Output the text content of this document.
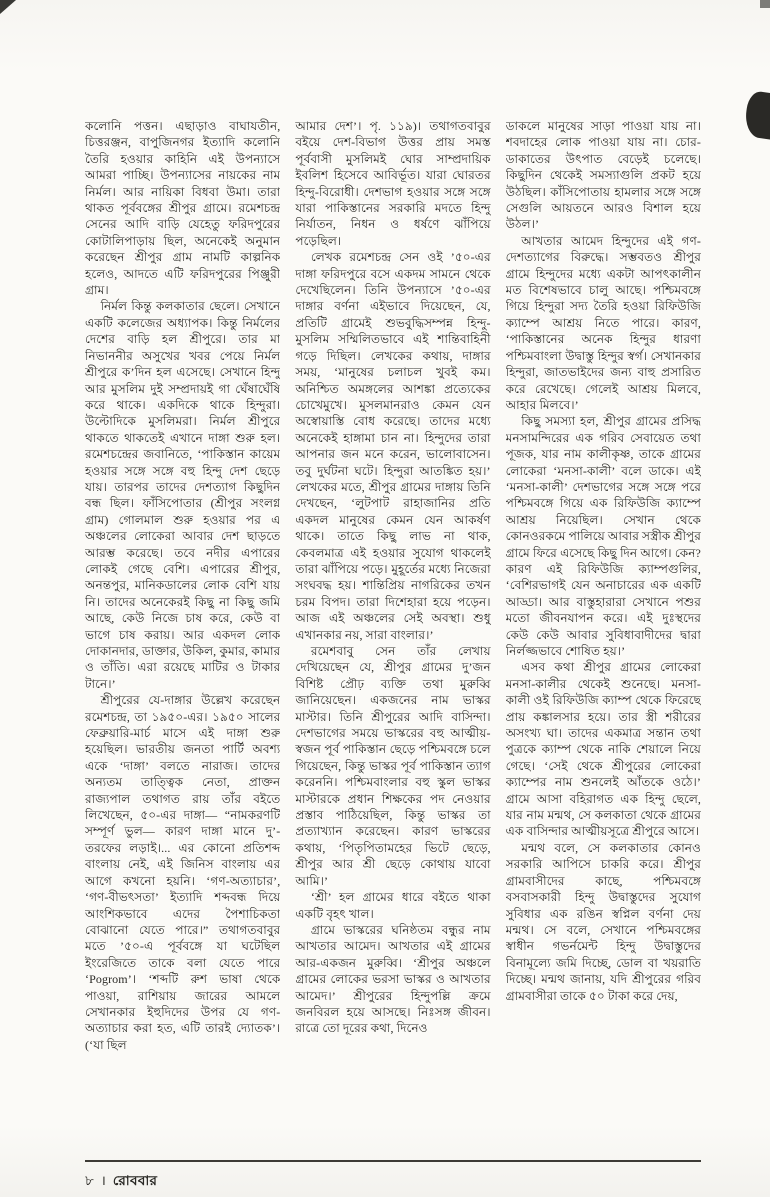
কলোনি পত্তন। এছাড়াও বাঘাযতীন, চিত্তরঞ্জন, বাপুজিনগর ইত্যাদি কলোনি তৈরি হওয়ার কাহিনি এই উপন্যাসে আমরা পাচ্ছি। উপন্যাসের নায়কের নাম নির্মল। আর নায়িকা বিধবা উমা। তারা থাকত পূর্ববঙ্গের শ্রীপুর গ্রামে। রমেশচন্দ্র সেনের আদি বাড়ি যেহেতু ফরিদপুরের কোটালিপাড়ায় ছিল, অনেকেই অনুমান করেছেন শ্রীপুর গ্রাম নামটি কাল্পনিক হলেও, আদতে এটি ফরিদপুরের পিঞ্জুরী গ্রাম।

নির্মল কিন্তু কলকাতার ছেলে। সেখানে একটি কলেজের অধ্যাপক। কিন্তু নির্মলের দেশের বাড়ি হল শ্রীপুরে। তার মা নিভাননীর অসুখের খবর পেয়ে নির্মল শ্রীপুরে ক’দিন হল এসেছে। সেখানে হিন্দু আর মুসলিম দুই সম্প্রদায়ই গা ঘেঁষাঘেঁষি করে থাকে। একদিকে থাকে হিন্দুরা। উল্টোদিকে মুসলিমরা। নির্মল শ্রীপুরে থাকতে থাকতেই এখানে দাঙ্গা শুরু হল। রমেশচন্দ্রের জবানিতে, ‘পাকিস্তান কায়েম হওয়ার সঙ্গে সঙ্গে বহু হিন্দু দেশ ছেড়ে যায়। তারপর তাদের দেশত্যাগ কিছুদিন বন্ধ ছিল। ফাঁসিপোতার (শ্রীপুর সংলগ্ন গ্রাম) গোলমাল শুরু হওয়ার পর এ অঞ্চলের লোকেরা আবার দেশ ছাড়তে আরম্ভ করেছে। তবে নদীর এপারের লোকই গেছে বেশি। এপারের শ্রীপুর, অনন্তপুর, মানিকডালের লোক বেশি যায় নি। তাদের অনেকেরই কিছু না কিছু জমি আছে, কেউ নিজে চাষ করে, কেউ বা ভাগে চাষ করায়। আর একদল লোক দোকানদার, ডাক্তার, উকিল, কুমার, কামার ও তাঁতি। এরা রয়েছে মাটির ও টাকার টানে।’

শ্রীপুরের যে-দাঙ্গার উল্লেখ করেছেন রমেশচন্দ্র, তা ১৯৫০-এর। ১৯৫০ সালের ফেব্রুয়ারি-মার্চ মাসে এই দাঙ্গা শুরু হয়েছিল। ভারতীয় জনতা পার্টি অবশ্য একে ‘দাঙ্গা’ বলতে নারাজ। তাদের অন্যতম তাত্ত্বিক নেতা, প্রাক্তন রাজ্যপাল তথাগত রায় তাঁর বইতে লিখেছেন, ৫০-এর দাঙ্গা— “নামকরণটি সম্পূর্ণ ভুল— কারণ দাঙ্গা মানে দু’-তরফের লড়াই।... এর কোনো প্রতিশব্দ বাংলায় নেই, এই জিনিস বাংলায় এর আগে কখনো হয়নি। ‘গণ-অত্যাচার’, ‘গণ-বীভৎসতা’ ইত্যাদি শব্দবন্ধ দিয়ে আংশিকভাবে এদের পৈশাচিকতা বোঝানো যেতে পারে।” তথাগতবাবুর মতে ’৫০-এ পূর্ববঙ্গে যা ঘটেছিল ইংরেজিতে তাকে বলা যেতে পারে ‘Pogrom’। ‘শব্দটি রুশ ভাষা থেকে পাওয়া, রাশিয়ায় জারের আমলে সেখানকার ইহুদিদের উপর যে গণ-অত্যাচার করা হত, এটি তারই দ্যোতক’। (‘যা ছিল

আমার দেশ’। পৃ. ১১৯)। তথাগতবাবুর বইয়ে দেশ-বিভাগ উত্তর প্রায় সমস্ত পূর্ববাসী মুসলিমই ঘোর সাম্প্রদায়িক ইবলিশ হিসেবে আবির্ভূত। যারা ঘোরতর হিন্দু-বিরোধী। দেশভাগ হওয়ার সঙ্গে সঙ্গে যারা পাকিস্তানের সরকারি মদতে হিন্দু নির্যাতন, নিধন ও ধর্ষণে ঝাঁপিয়ে পড়েছিল।

লেখক রমেশচন্দ্র সেন ওই ’৫০-এর দাঙ্গা ফরিদপুরে বসে একদম সামনে থেকে দেখেছিলেন। তিনি উপন্যাসে ’৫০-এর দাঙ্গার বর্ণনা এইভাবে দিয়েছেন, যে, প্রতিটি গ্রামেই শুভবুদ্ধিসম্পন্ন হিন্দু-মুসলিম সম্মিলিতভাবে এই শান্তিবাহিনী গড়ে দিছিল। লেখকের কথায়, দাঙ্গার সময়, ‘মানুষের চলাচল খুবই কম। অনিশ্চিত অমঙ্গলের আশঙ্কা প্রত্যেকের চোখেমুখে। মুসলমানরাও কেমন যেন অস্বোয়াস্তি বোধ করেছে। তাদের মধ্যে অনেকেই হাঙ্গামা চান না। হিন্দুদের তারা আপনার জন মনে করেন, ভালোবাসেন। তবু দুর্ঘটনা ঘটে। হিন্দুরা আতঙ্কিত হয়।’ লেখকের মতে, শ্রীপুর গ্রামের দাঙ্গায় তিনি দেখছেন, ‘লুটপাট রাহাজানির প্রতি একদল মানুষের কেমন যেন আকর্ষণ থাকে। তাতে কিছু লাভ না থাক, কেবলমাত্র এই হওয়ার সুযোগ থাকলেই তারা ঝাঁপিয়ে পড়ে। মুহূর্তের মধ্যে নিজেরা সংঘবদ্ধ হয়। শান্তিপ্রিয় নাগরিকের তখন চরম বিপদ। তারা দিশেহারা হয়ে পড়েন। আজ এই অঞ্চলের সেই অবস্থা। শুধু এখানকার নয়, সারা বাংলার।’

রমেশবাবু সেন তাঁর লেখায় দেখিয়েছেন যে, শ্রীপুর গ্রামের দু’জন বিশিষ্ট প্রৌঢ় ব্যক্তি তথা মুরুব্বি জানিয়েছেন। একজনের নাম ভাস্কর মাস্টার। তিনি শ্রীপুরের আদি বাসিন্দা। দেশভাগের সময়ে ভাস্করের বহু আত্মীয়-স্বজন পূর্ব পাকিস্তান ছেড়ে পশ্চিমবঙ্গে চলে গিয়েছেন, কিন্তু ভাস্কর পূর্ব পাকিস্তান ত্যাগ করেননি। পশ্চিমবাংলার বহু স্কুল ভাস্কর মাস্টারকে প্রধান শিক্ষকের পদ নেওয়ার প্রস্তাব পাঠিয়েছিল, কিন্তু ভাস্কর তা প্রত্যাখ্যান করেছেন। কারণ ভাস্করের কথায়, ‘পিতৃপিতামহের ভিটে ছেড়ে, শ্রীপুর আর শ্রী ছেড়ে কোথায় যাবো আমি।’

‘শ্রী’ হল গ্রামের ধারে বইতে থাকা একটি বৃহৎ খাল।

গ্রামে ভাস্করের ঘনিষ্ঠতম বন্ধুর নাম আখতার আমেদ। আখতার এই গ্রামের আর-একজন মুরুব্বি। ‘শ্রীপুর অঞ্চলে গ্রামের লোকের ভরসা ভাস্কর ও আখতার আমেদ।’ শ্রীপুরের হিন্দুপল্লি ক্রমে জনবিরল হয়ে আসছে। নিঃসঙ্গ জীবন। রাত্রে তো দূরের কথা, দিনেও

ডাকলে মানুষের সাড়া পাওয়া যায় না। শবদাহের লোক পাওয়া যায় না। চোর-ডাকাতের উৎপাত বেড়েই চলেছে। কিছুদিন থেকেই সমস্যাগুলি প্রকট হয়ে উঠছিল। কাঁসিপোতায় হামলার সঙ্গে সঙ্গে সেগুলি আয়তনে আরও বিশাল হয়ে উঠল।’

আখতার আমেদ হিন্দুদের এই গণ-দেশত্যাগের বিরুদ্ধে। সম্ভবতও শ্রীপুর গ্রামে হিন্দুদের মধ্যে একটা আপৎকালীন মত বিশেষভাবে চালু আছে। পশ্চিমবঙ্গে গিয়ে হিন্দুরা সদ্য তৈরি হওয়া রিফিউজি ক্যাম্পে আশ্রয় নিতে পারে। কারণ, ‘পাকিস্তানের অনেক হিন্দুর ধারণা পশ্চিমবাংলা উদ্বাস্তু হিন্দুর স্বর্গ। সেখানকার হিন্দুরা, জাতভাইদের জন্য বাহু প্রসারিত করে রেখেছে। গেলেই আশ্রয় মিলবে, আহার মিলবে।’

কিছু সমস্যা হল, শ্রীপুর গ্রামের প্রসিদ্ধ মনসামন্দিরের এক গরিব সেবায়েত তথা পূজক, যার নাম কালীকৃষ্ণ, তাকে গ্রামের লোকেরা ‘মনসা-কালী’ বলে ডাকে। এই ‘মনসা-কালী’ দেশভাগের সঙ্গে সঙ্গে পরে পশ্চিমবঙ্গে গিয়ে এক রিফিউজি ক্যাম্পে আশ্রয় নিয়েছিল। সেখান থেকে কোনওরকমে পালিয়ে আবার সস্ত্রীক শ্রীপুর গ্রামে ফিরে এসেছে কিছু দিন আগে। কেন? কারণ এই রিফিউজি ক্যাম্পগুলির, ‘বেশিরভাগই যেন অনাচারের এক একটি আড্ডা। আর বাস্তুহারারা সেখানে পশুর মতো জীবনযাপন করে। এই দুঃস্থদের কেউ কেউ আবার সুবিধাবাদীদের দ্বারা নির্লজ্জভাবে শোষিত হয়।’

এসব কথা শ্রীপুর গ্রামের লোকেরা মনসা-কালীর থেকেই শুনেছে। মনসা-কালী ওই রিফিউজি ক্যাম্প থেকে ফিরেছে প্রায় কঙ্কালসার হয়ে। তার স্ত্রী শরীরের অসংখ্য ঘা। তাদের একমাত্র সন্তান তথা পুত্রকে ক্যাম্প থেকে নাকি শেয়ালে নিয়ে গেছে। ‘সেই থেকে শ্রীপুরের লোকেরা ক্যাম্পের নাম শুনলেই আঁতকে ওঠে।’ গ্রামে আসা বহিরাগত এক হিন্দু ছেলে, যার নাম মন্মথ, সে কলকাতা থেকে গ্রামের এক বাসিন্দার আত্মীয়সূত্রে শ্রীপুরে আসে।

মন্মথ বলে, সে কলকাতার কোনও সরকারি আপিসে চাকরি করে। শ্রীপুর গ্রামবাসীদের কাছে, পশ্চিমবঙ্গে বসবাসকারী হিন্দু উদ্বাস্তুদের সুযোগ সুবিধার এক রঙিন স্বপ্নিল বর্ণনা দেয় মন্মথ। সে বলে, সেখানে পশ্চিমবঙ্গের স্বাধীন গভর্নমেন্ট হিন্দু উদ্বাস্তুদের বিনামূল্যে জমি দিচ্ছে, ডোল বা খয়রাতি দিচ্ছে। মন্মথ জানায়, যদি শ্রীপুরের গরিব গ্রামবাসীরা তাকে ৫০ টাকা করে দেয়,

৮ । রোববার
